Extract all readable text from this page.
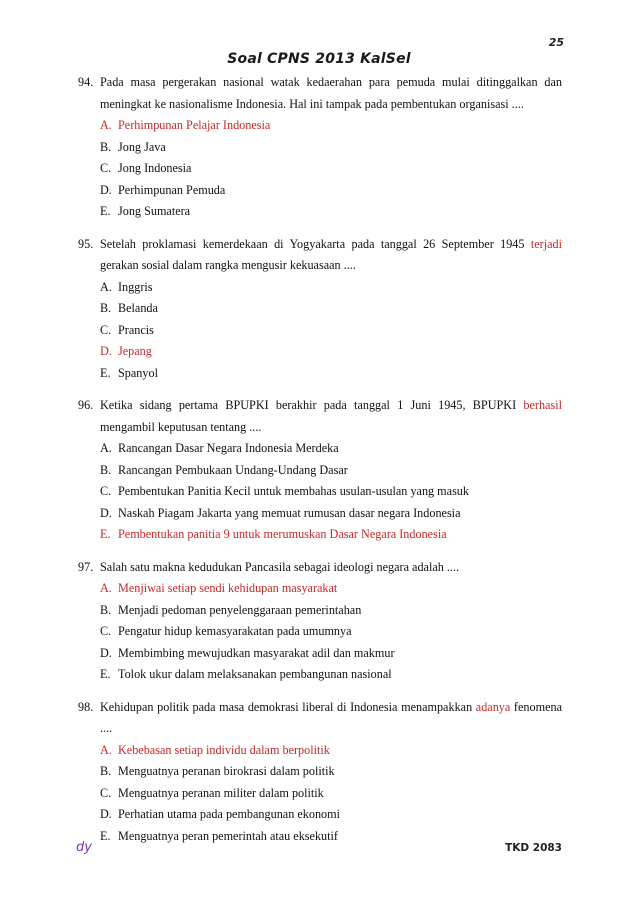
25
Soal CPNS 2013 KalSel
94. Pada masa pergerakan nasional watak kedaerahan para pemuda mulai ditinggalkan dan meningkat ke nasionalisme Indonesia. Hal ini tampak pada pembentukan organisasi ....
A. Perhimpunan Pelajar Indonesia
B. Jong Java
C. Jong Indonesia
D. Perhimpunan Pemuda
E. Jong Sumatera
95. Setelah proklamasi kemerdekaan di Yogyakarta pada tanggal 26 September 1945 terjadi gerakan sosial dalam rangka mengusir kekuasaan ....
A. Inggris
B. Belanda
C. Prancis
D. Jepang
E. Spanyol
96. Ketika sidang pertama BPUPKI berakhir pada tanggal 1 Juni 1945, BPUPKI berhasil mengambil keputusan tentang ....
A. Rancangan Dasar Negara Indonesia Merdeka
B. Rancangan Pembukaan Undang-Undang Dasar
C. Pembentukan Panitia Kecil untuk membahas usulan-usulan yang masuk
D. Naskah Piagam Jakarta yang memuat rumusan dasar negara Indonesia
E. Pembentukan panitia 9 untuk merumuskan Dasar Negara Indonesia
97. Salah satu makna kedudukan Pancasila sebagai ideologi negara adalah ....
A. Menjiwai setiap sendi kehidupan masyarakat
B. Menjadi pedoman penyelenggaraan pemerintahan
C. Pengatur hidup kemasyarakatan pada umumnya
D. Membimbing mewujudkan masyarakat adil dan makmur
E. Tolok ukur dalam melaksanakan pembangunan nasional
98. Kehidupan politik pada masa demokrasi liberal di Indonesia menampakkan adanya fenomena ....
A. Kebebasan setiap individu dalam berpolitik
B. Menguatnya peranan birokrasi dalam politik
C. Menguatnya peranan militer dalam politik
D. Perhatian utama pada pembangunan ekonomi
E. Menguatnya peran pemerintah atau eksekutif
dy	TKD 2083
